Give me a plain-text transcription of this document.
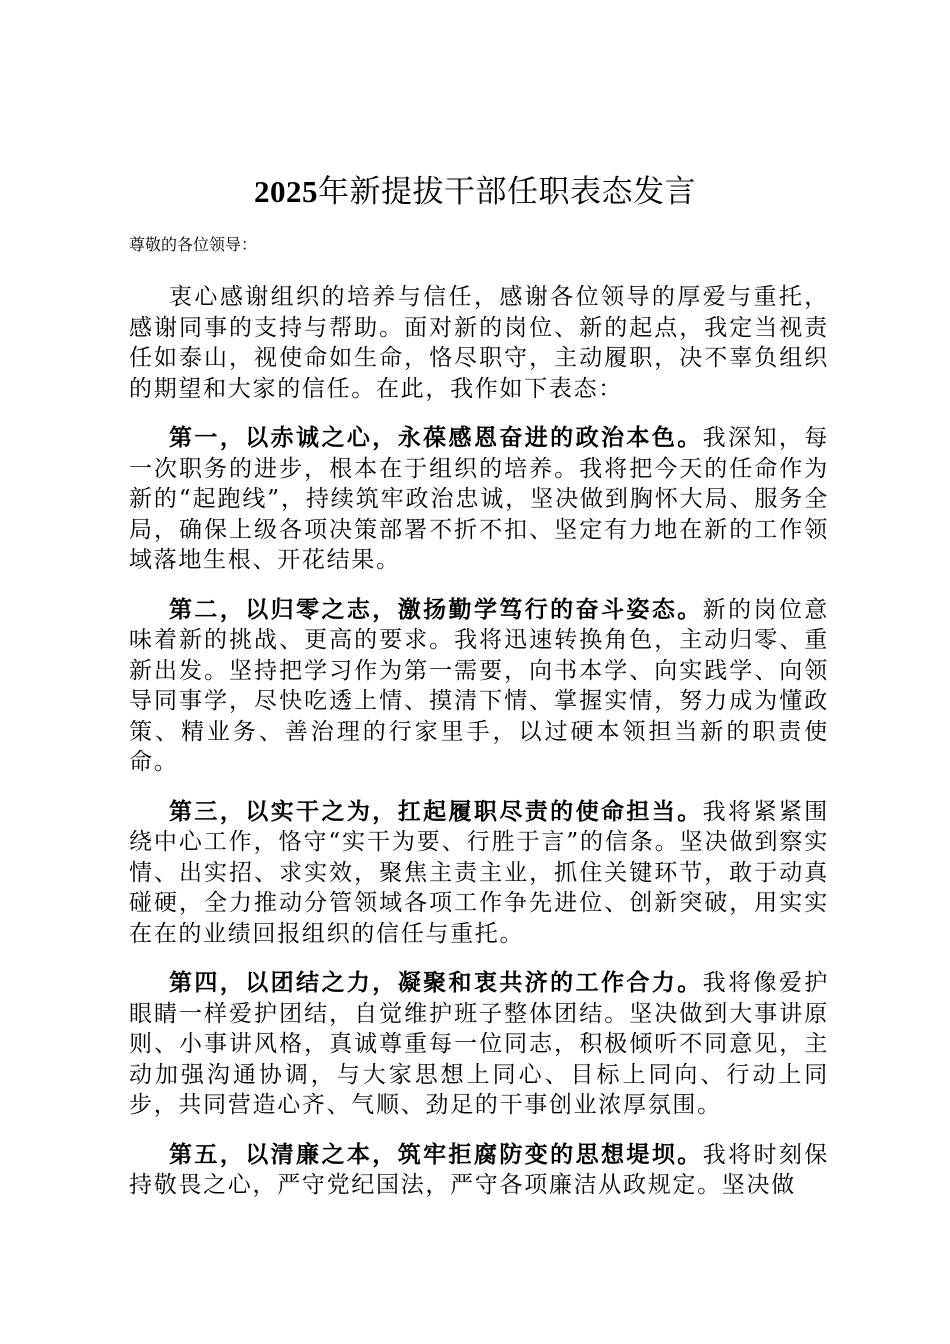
2025年新提拔干部任职表态发言

尊敬的各位领导：

衷心感谢组织的培养与信任，感谢各位领导的厚爱与重托，感谢同事的支持与帮助。面对新的岗位、新的起点，我定当视责任如泰山，视使命如生命，恪尽职守，主动履职，决不辜负组织的期望和大家的信任。在此，我作如下表态：

第一，以赤诚之心，永葆感恩奋进的政治本色。我深知，每一次职务的进步，根本在于组织的培养。我将把今天的任命作为新的“起跑线”，持续筑牢政治忠诚，坚决做到胸怀大局、服务全局，确保上级各项决策部署不折不扣、坚定有力地在新的工作领域落地生根、开花结果。

第二，以归零之志，激扬勤学笃行的奋斗姿态。新的岗位意味着新的挑战、更高的要求。我将迅速转换角色，主动归零、重新出发。坚持把学习作为第一需要，向书本学、向实践学、向领导同事学，尽快吃透上情、摸清下情、掌握实情，努力成为懂政策、精业务、善治理的行家里手，以过硬本领担当新的职责使命。

第三，以实干之为，扛起履职尽责的使命担当。我将紧紧围绕中心工作，恪守“实干为要、行胜于言”的信条。坚决做到察实情、出实招、求实效，聚焦主责主业，抓住关键环节，敢于动真碰硬，全力推动分管领域各项工作争先进位、创新突破，用实实在在的业绩回报组织的信任与重托。

第四，以团结之力，凝聚和衷共济的工作合力。我将像爱护眼睛一样爱护团结，自觉维护班子整体团结。坚决做到大事讲原则、小事讲风格，真诚尊重每一位同志，积极倾听不同意见，主动加强沟通协调，与大家思想上同心、目标上同向、行动上同步，共同营造心齐、气顺、劲足的干事创业浓厚氛围。

第五，以清廉之本，筑牢拒腐防变的思想堤坝。我将时刻保持敬畏之心，严守党纪国法，严守各项廉洁从政规定。坚决做
